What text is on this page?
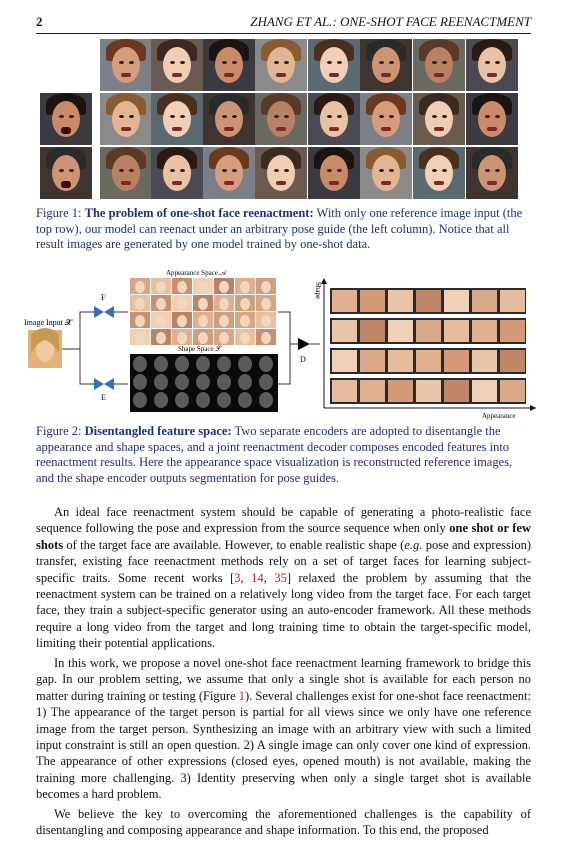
2	ZHANG ET AL.: ONE-SHOT FACE REENACTMENT
Figure 1: The problem of one-shot face reenactment: With only one reference image input (the top row), our model can reenact under an arbitrary pose guide (the left column). Notice that all result images are generated by one model trained by one-shot data.
Image Input 𝓧
F
E
Appearance Space 𝒜
Shape Space 𝒮
D
Shape
Appearance
Figure 2: Disentangled feature space: Two separate encoders are adopted to disentangle the appearance and shape spaces, and a joint reenactment decoder composes encoded features into reenactment results. Here the appearance space visualization is reconstructed reference images, and the shape encoder outputs segmentation for pose guides.
An ideal face reenactment system should be capable of generating a photo-realistic face sequence following the pose and expression from the source sequence when only one shot or few shots of the target face are available. However, to enable realistic shape (e.g. pose and expression) transfer, existing face reenactment methods rely on a set of target faces for learning subject-specific traits. Some recent works [3, 14, 35] relaxed the problem by assuming that the reenactment system can be trained on a relatively long video from the target face. For each target face, they train a subject-specific generator using an auto-encoder framework. All these methods require a long video from the target and long training time to obtain the target-specific model, limiting their potential applications.
In this work, we propose a novel one-shot face reenactment learning framework to bridge this gap. In our problem setting, we assume that only a single shot is available for each person no matter during training or testing (Figure 1). Several challenges exist for one-shot face reenactment: 1) The appearance of the target person is partial for all views since we only have one reference image from the target person. Synthesizing an image with an arbitrary view with such a limited input constraint is still an open question. 2) A single image can only cover one kind of expression. The appearance of other expressions (closed eyes, opened mouth) is not available, making the training more challenging. 3) Identity preserving when only a single target shot is available becomes a hard problem.
We believe the key to overcoming the aforementioned challenges is the capability of disentangling and composing appearance and shape information. To this end, the proposed
